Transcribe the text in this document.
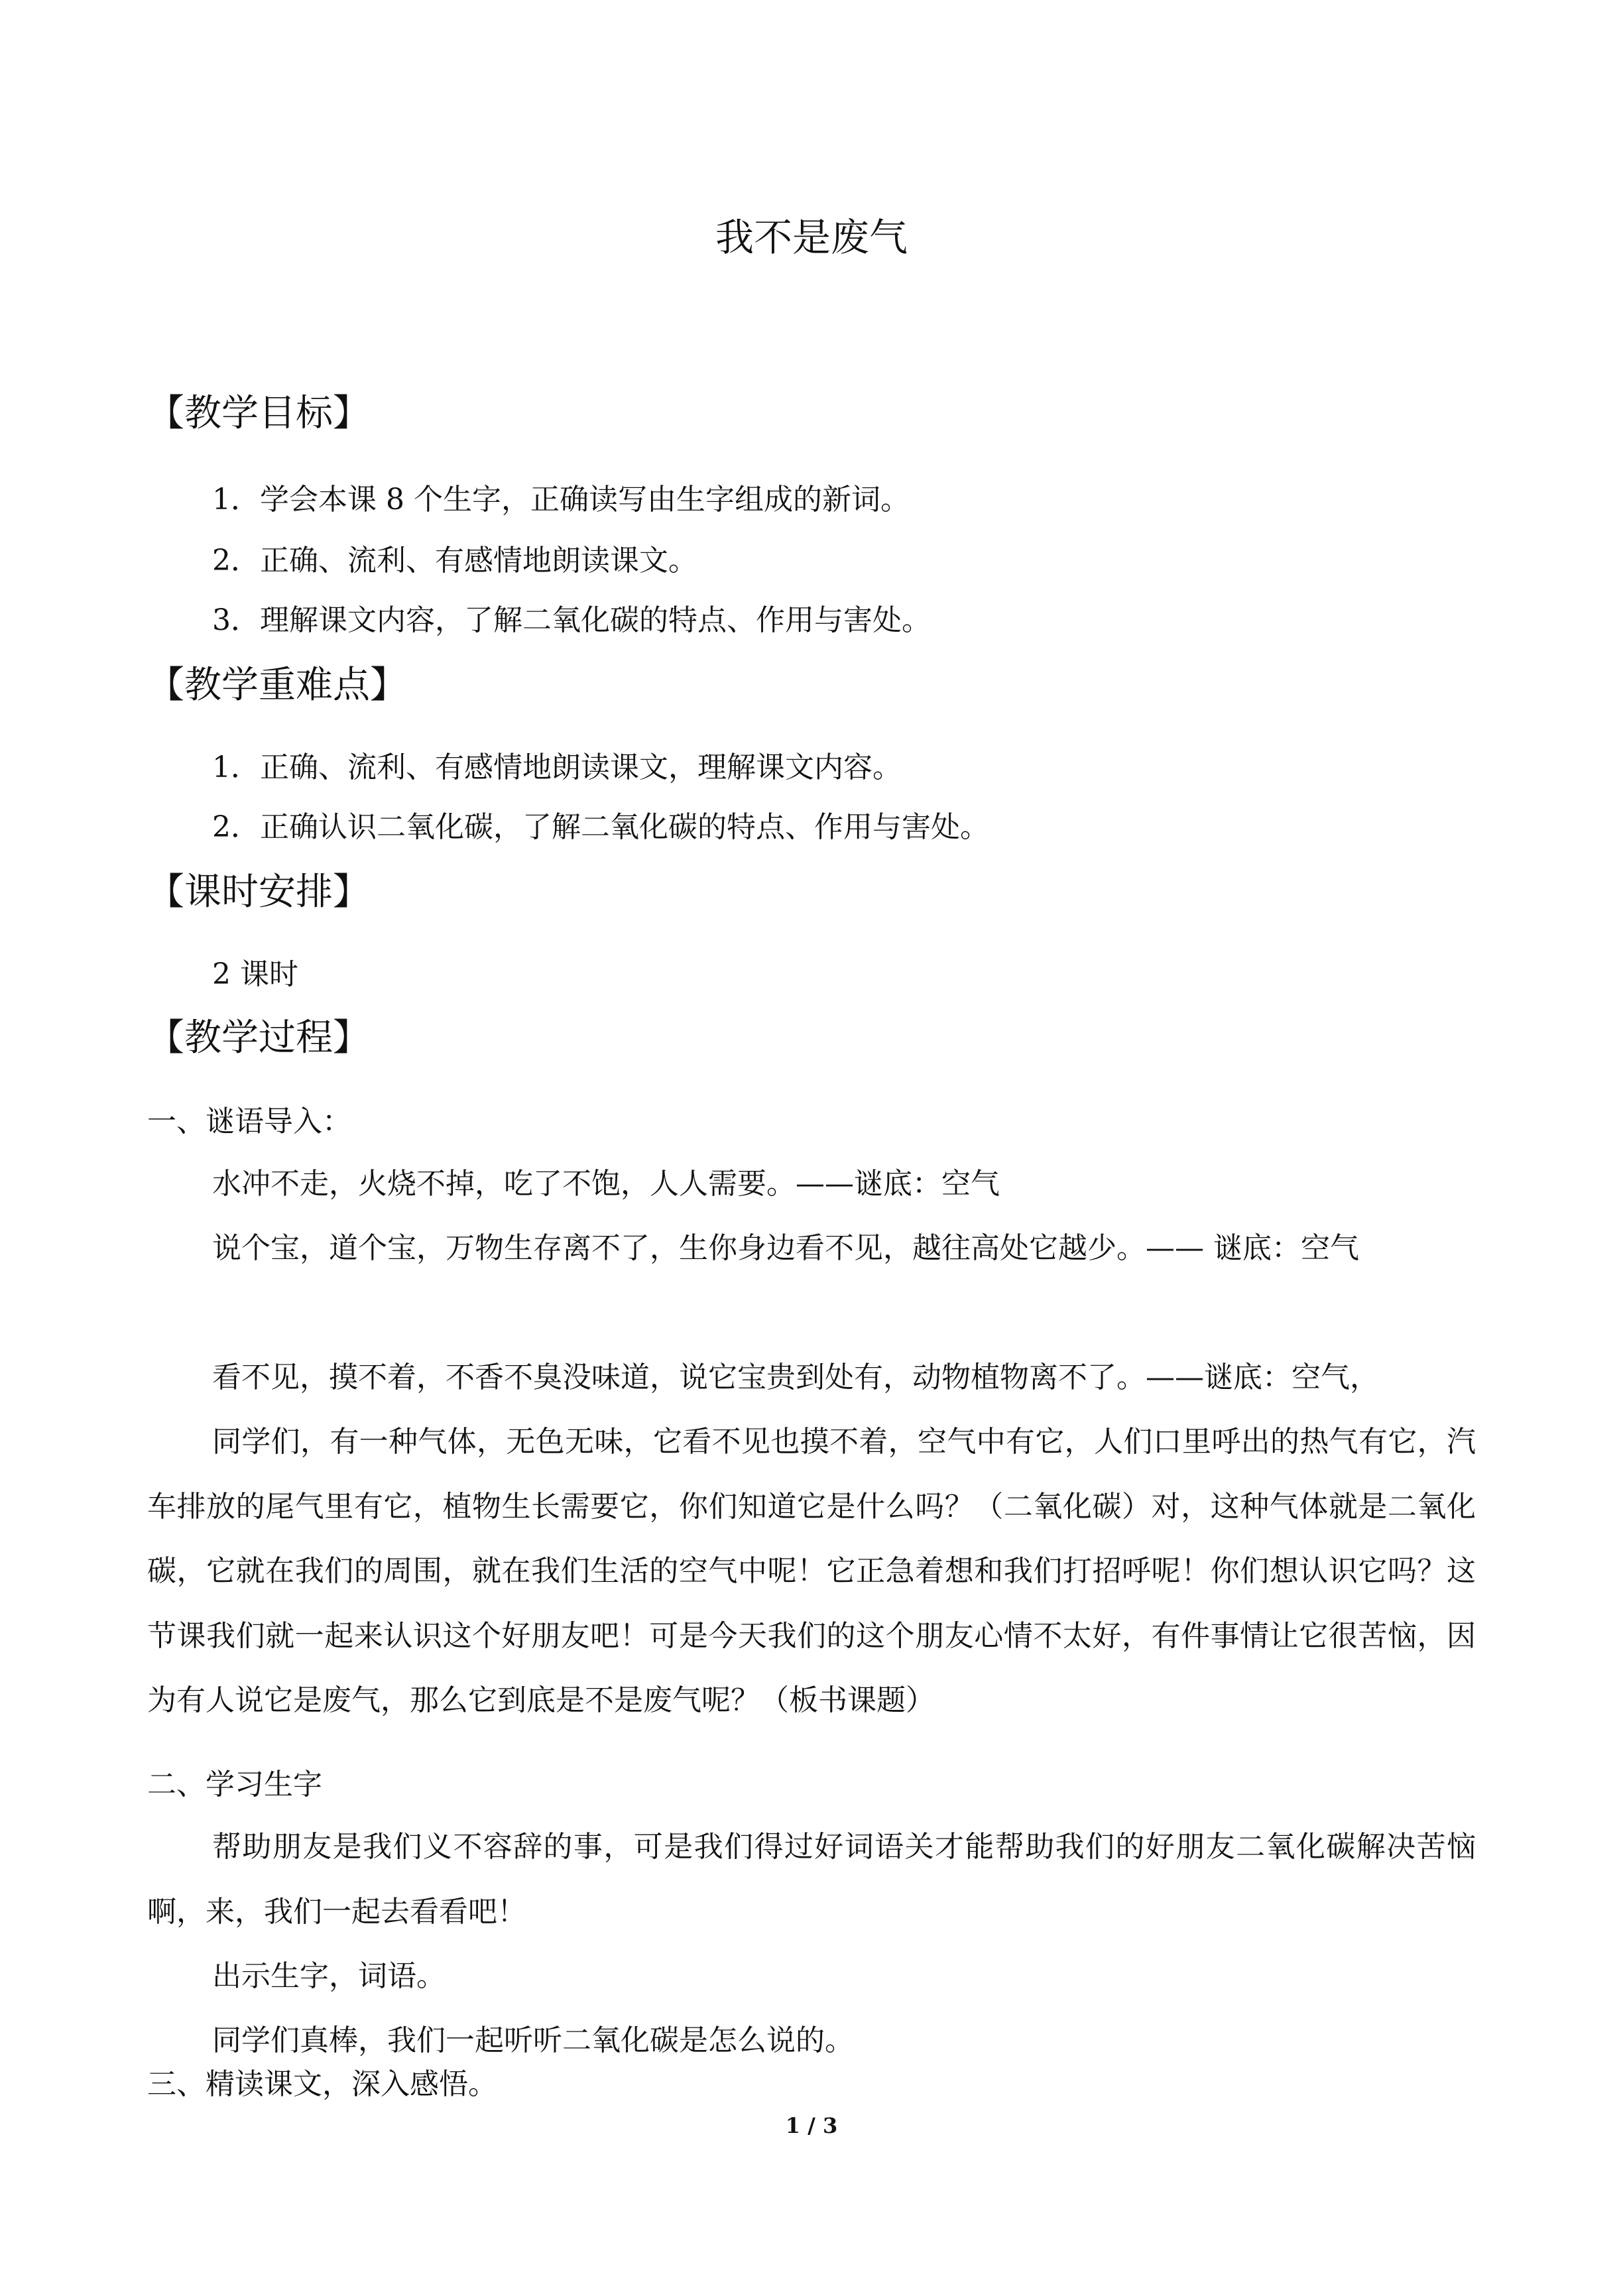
我不是废气
【教学目标】
1．学会本课 8 个生字，正确读写由生字组成的新词。
2．正确、流利、有感情地朗读课文。
3．理解课文内容，了解二氧化碳的特点、作用与害处。
【教学重难点】
1．正确、流利、有感情地朗读课文，理解课文内容。
2．正确认识二氧化碳，了解二氧化碳的特点、作用与害处。
【课时安排】
2 课时
【教学过程】
一、谜语导入：
水冲不走，火烧不掉，吃了不饱，人人需要。——谜底：空气
说个宝，道个宝，万物生存离不了，生你身边看不见，越往高处它越少。—— 谜底：空气
看不见，摸不着，不香不臭没味道，说它宝贵到处有，动物植物离不了。——谜底：空气，
同学们，有一种气体，无色无味，它看不见也摸不着，空气中有它，人们口里呼出的热气有它，汽车排放的尾气里有它，植物生长需要它，你们知道它是什么吗？（二氧化碳）对，这种气体就是二氧化碳，它就在我们的周围，就在我们生活的空气中呢！它正急着想和我们打招呼呢！你们想认识它吗？这节课我们就一起来认识这个好朋友吧！可是今天我们的这个朋友心情不太好，有件事情让它很苦恼，因为有人说它是废气，那么它到底是不是废气呢？（板书课题）
二、学习生字
帮助朋友是我们义不容辞的事，可是我们得过好词语关才能帮助我们的好朋友二氧化碳解决苦恼啊，来，我们一起去看看吧！
出示生字，词语。
同学们真棒，我们一起听听二氧化碳是怎么说的。
三、精读课文，深入感悟。
1 / 3
